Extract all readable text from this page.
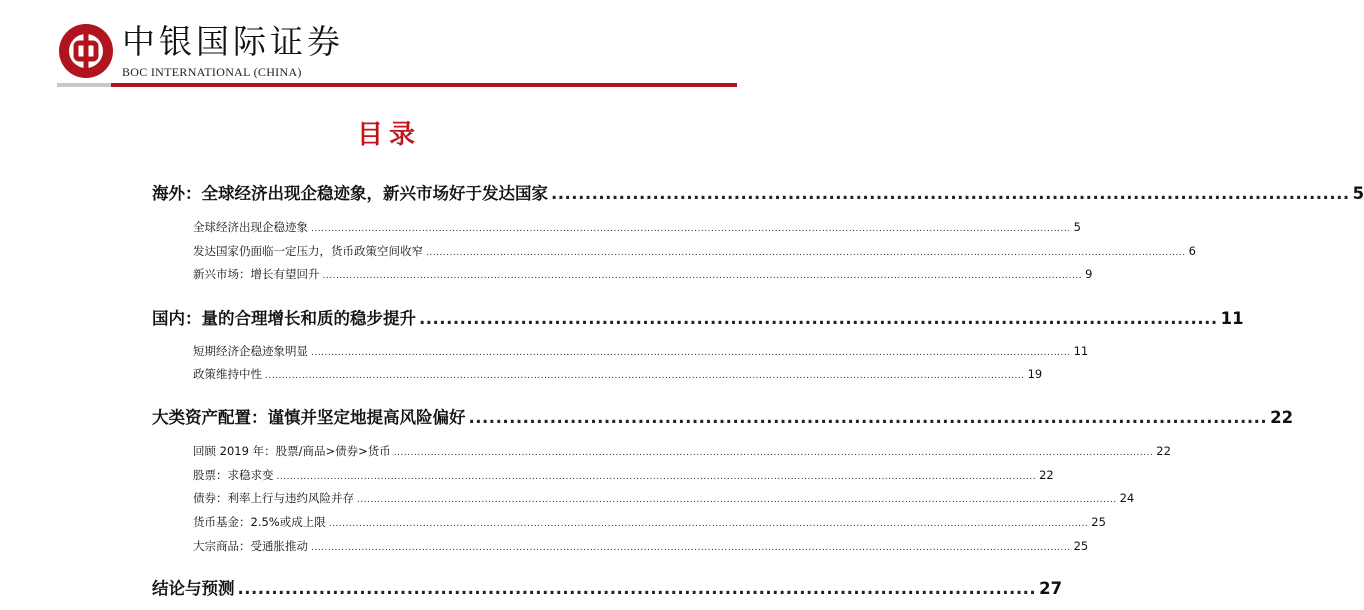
中银国际证券
BOC INTERNATIONAL (CHINA)
目录
海外：全球经济出现企稳迹象，新兴市场好于发达国家 ...................................................................................................................... 5
全球经济出现企稳迹象 .................................................................................................................................................................................................................................. 5
发达国家仍面临一定压力，货币政策空间收窄 .................................................................................................................................................................................................................................. 6
新兴市场：增长有望回升 .................................................................................................................................................................................................................................. 9
国内：量的合理增长和质的稳步提升 ...................................................................................................................... 11
短期经济企稳迹象明显 .................................................................................................................................................................................................................................. 11
政策维持中性 .................................................................................................................................................................................................................................. 19
大类资产配置：谨慎并坚定地提高风险偏好 ...................................................................................................................... 22
回顾 2019 年：股票/商品>债券>货币 .................................................................................................................................................................................................................................. 22
股票：求稳求变 .................................................................................................................................................................................................................................. 22
债券：利率上行与违约风险并存 .................................................................................................................................................................................................................................. 24
货币基金：2.5%或成上限 .................................................................................................................................................................................................................................. 25
大宗商品：受通胀推动 .................................................................................................................................................................................................................................. 25
结论与预测 ...................................................................................................................... 27
